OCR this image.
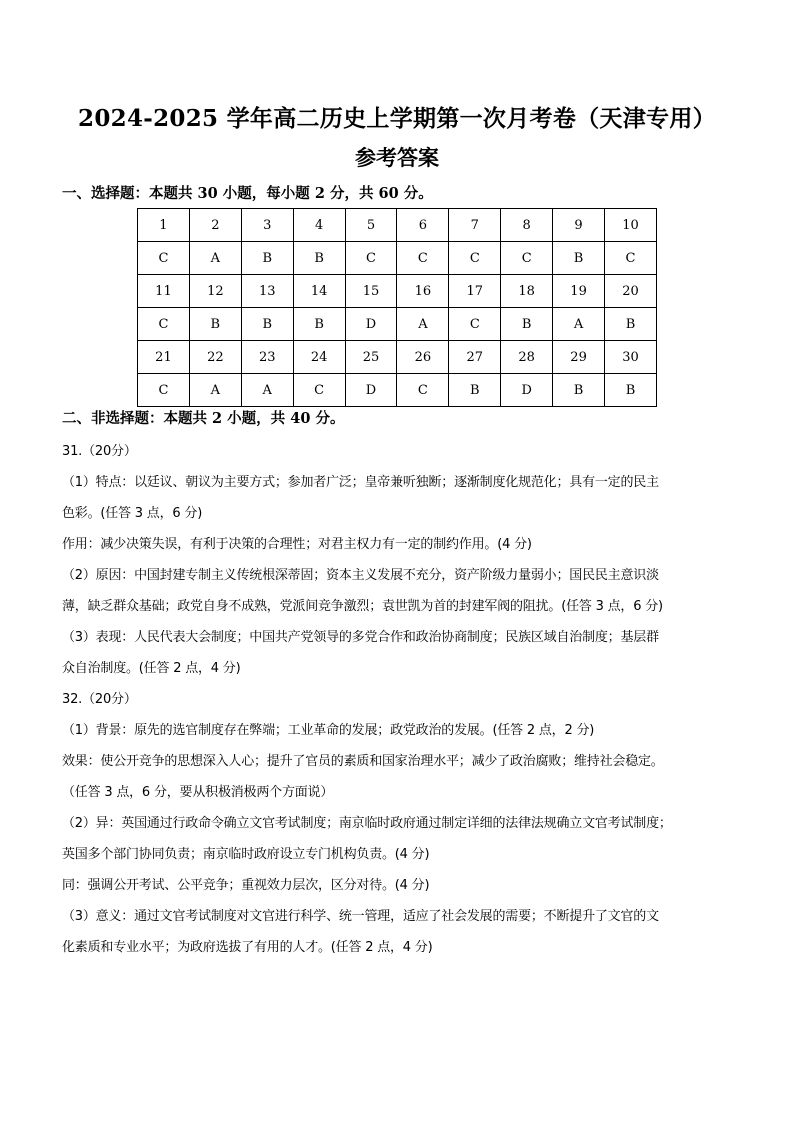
2024-2025 学年高二历史上学期第一次月考卷（天津专用）
参考答案
一、选择题：本题共 30 小题，每小题 2 分，共 60 分。
1	2	3	4	5	6	7	8	9	10
C	A	B	B	C	C	C	C	B	C
11	12	13	14	15	16	17	18	19	20
C	B	B	B	D	A	C	B	A	B
21	22	23	24	25	26	27	28	29	30
C	A	A	C	D	C	B	D	B	B
二、非选择题：本题共 2 小题，共 40 分。
31.（20分）
（1）特点：以廷议、朝议为主要方式；参加者广泛；皇帝兼听独断；逐渐制度化规范化；具有一定的民主
色彩。(任答 3 点，6 分)
作用：减少决策失误，有利于决策的合理性；对君主权力有一定的制约作用。(4 分)
（2）原因：中国封建专制主义传统根深蒂固；资本主义发展不充分，资产阶级力量弱小；国民民主意识淡
薄，缺乏群众基础；政党自身不成熟，党派间竞争激烈；袁世凯为首的封建军阀的阻扰。(任答 3 点，6 分)
（3）表现：人民代表大会制度；中国共产党领导的多党合作和政治协商制度；民族区域自治制度；基层群
众自治制度。(任答 2 点，4 分)
32.（20分）
（1）背景：原先的选官制度存在弊端；工业革命的发展；政党政治的发展。(任答 2 点，2 分)
效果：使公开竞争的思想深入人心；提升了官员的素质和国家治理水平；减少了政治腐败；维持社会稳定。
（任答 3 点，6 分，要从积极消极两个方面说）
（2）异：英国通过行政命令确立文官考试制度；南京临时政府通过制定详细的法律法规确立文官考试制度；
英国多个部门协同负责；南京临时政府设立专门机构负责。(4 分)
同：强调公开考试、公平竞争；重视效力层次，区分对待。(4 分)
（3）意义：通过文官考试制度对文官进行科学、统一管理，适应了社会发展的需要；不断提升了文官的文
化素质和专业水平；为政府选拔了有用的人才。(任答 2 点，4 分)
